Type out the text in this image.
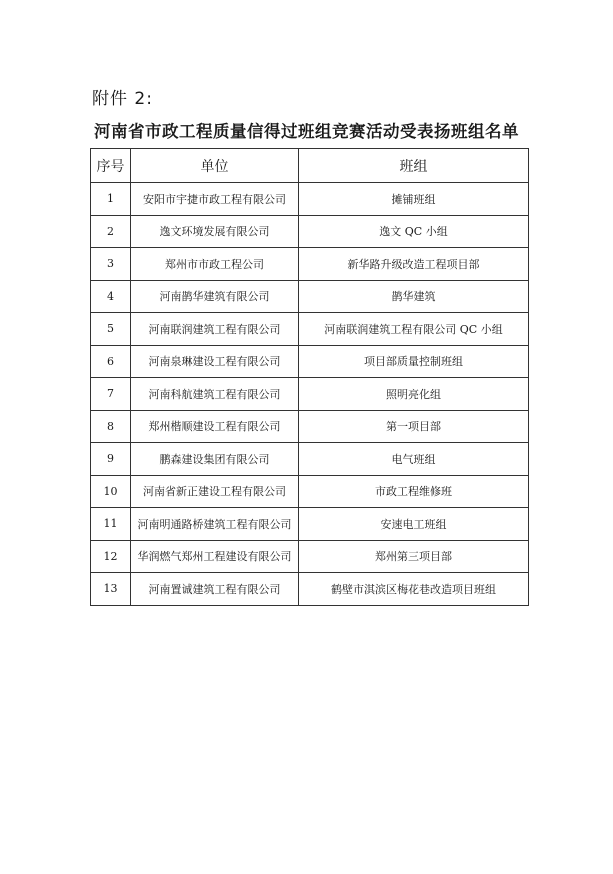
附件 2:
河南省市政工程质量信得过班组竞赛活动受表扬班组名单
序号	单位	班组
1	安阳市宇捷市政工程有限公司	摊铺班组
2	逸文环境发展有限公司	逸文 QC 小组
3	郑州市市政工程公司	新华路升级改造工程项目部
4	河南鹊华建筑有限公司	鹊华建筑
5	河南联润建筑工程有限公司	河南联润建筑工程有限公司 QC 小组
6	河南泉琳建设工程有限公司	项目部质量控制班组
7	河南科航建筑工程有限公司	照明亮化组
8	郑州楷顺建设工程有限公司	第一项目部
9	鹏森建设集团有限公司	电气班组
10	河南省新正建设工程有限公司	市政工程维修班
11	河南明通路桥建筑工程有限公司	安速电工班组
12	华润燃气郑州工程建设有限公司	郑州第三项目部
13	河南置诚建筑工程有限公司	鹤壁市淇滨区梅花巷改造项目班组
